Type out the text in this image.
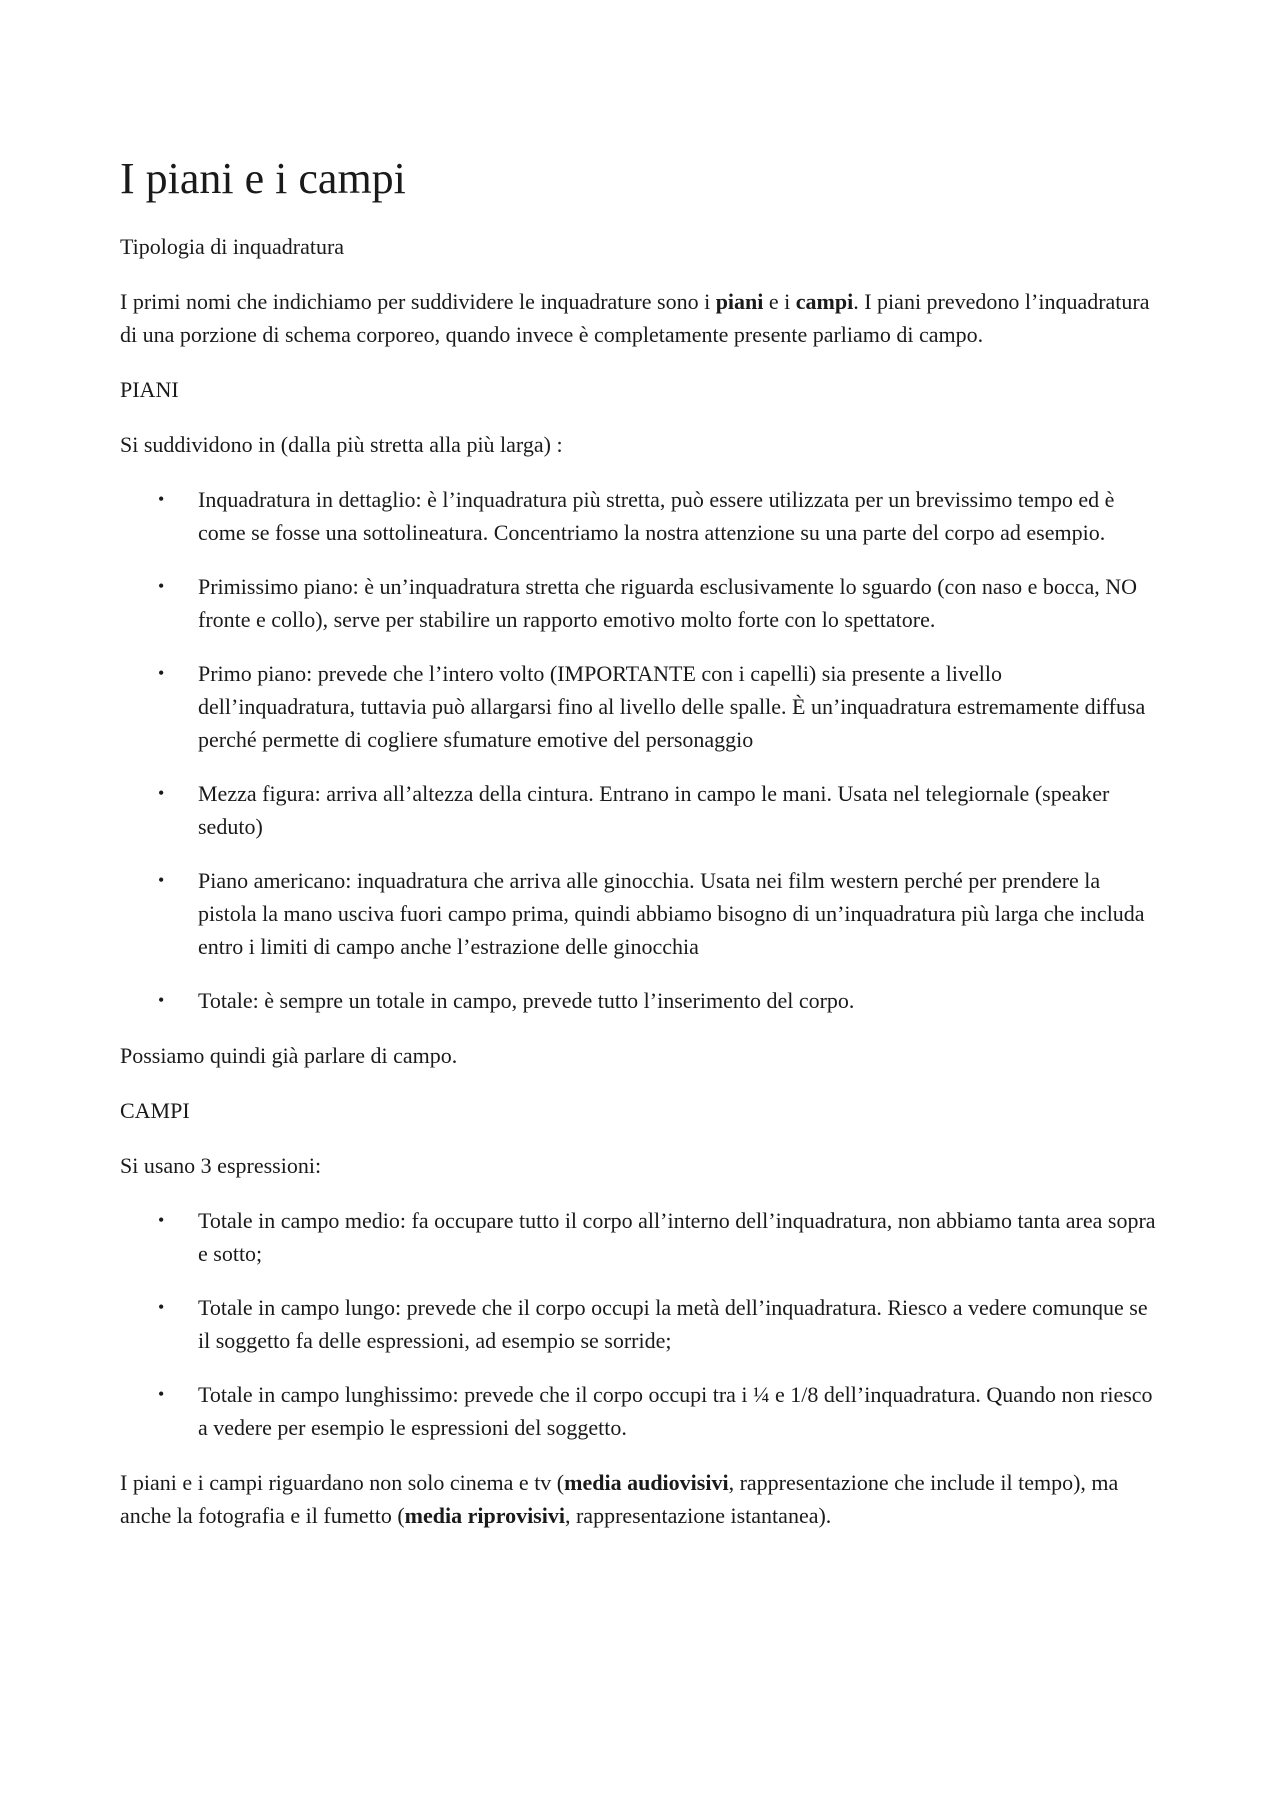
I piani e i campi

Tipologia di inquadratura

I primi nomi che indichiamo per suddividere le inquadrature sono i piani e i campi. I piani prevedono l’inquadratura di una porzione di schema corporeo, quando invece è completamente presente parliamo di campo.

PIANI

Si suddividono in (dalla più stretta alla più larga) :

• Inquadratura in dettaglio: è l’inquadratura più stretta, può essere utilizzata per un brevissimo tempo ed è come se fosse una sottolineatura. Concentriamo la nostra attenzione su una parte del corpo ad esempio.
• Primissimo piano: è un’inquadratura stretta che riguarda esclusivamente lo sguardo (con naso e bocca, NO fronte e collo), serve per stabilire un rapporto emotivo molto forte con lo spettatore.
• Primo piano: prevede che l’intero volto (IMPORTANTE con i capelli) sia presente a livello dell’inquadratura, tuttavia può allargarsi fino al livello delle spalle. È un’inquadratura estremamente diffusa perché permette di cogliere sfumature emotive del personaggio
• Mezza figura: arriva all’altezza della cintura. Entrano in campo le mani. Usata nel telegiornale (speaker seduto)
• Piano americano: inquadratura che arriva alle ginocchia. Usata nei film western perché per prendere la pistola la mano usciva fuori campo prima, quindi abbiamo bisogno di un’inquadratura più larga che includa entro i limiti di campo anche l’estrazione delle ginocchia
• Totale: è sempre un totale in campo, prevede tutto l’inserimento del corpo.

Possiamo quindi già parlare di campo.

CAMPI

Si usano 3 espressioni:

• Totale in campo medio: fa occupare tutto il corpo all’interno dell’inquadratura, non abbiamo tanta area sopra e sotto;
• Totale in campo lungo: prevede che il corpo occupi la metà dell’inquadratura. Riesco a vedere comunque se il soggetto fa delle espressioni, ad esempio se sorride;
• Totale in campo lunghissimo: prevede che il corpo occupi tra i ¼ e 1/8 dell’inquadratura. Quando non riesco a vedere per esempio le espressioni del soggetto.

I piani e i campi riguardano non solo cinema e tv (media audiovisivi, rappresentazione che include il tempo), ma anche la fotografia e il fumetto (media riprovisivi, rappresentazione istantanea).
